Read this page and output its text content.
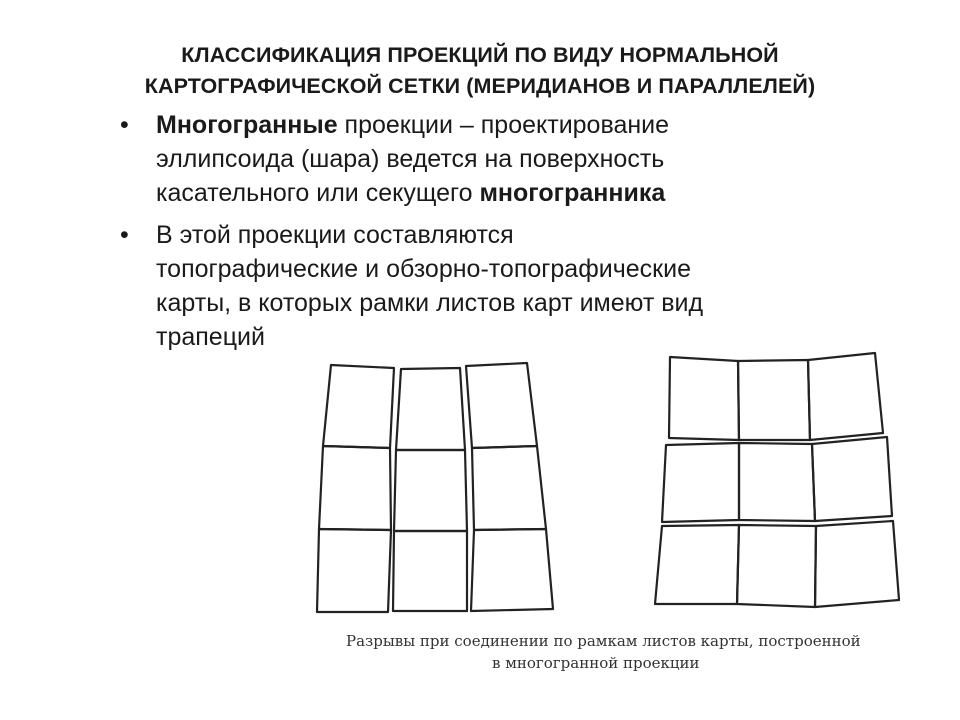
КЛАССИФИКАЦИЯ ПРОЕКЦИЙ ПО ВИДУ НОРМАЛЬНОЙ
КАРТОГРАФИЧЕСКОЙ СЕТКИ (МЕРИДИАНОВ И ПАРАЛЛЕЛЕЙ)
• Многогранные проекции – проектирование
эллипсоида (шара) ведется на поверхность
касательного или секущего многогранника
• В этой проекции составляются
топографические и обзорно-топографические
карты, в которых рамки листов карт имеют вид
трапеций
Разрывы при соединении по рамкам листов карты, построенной
в многогранной проекции
